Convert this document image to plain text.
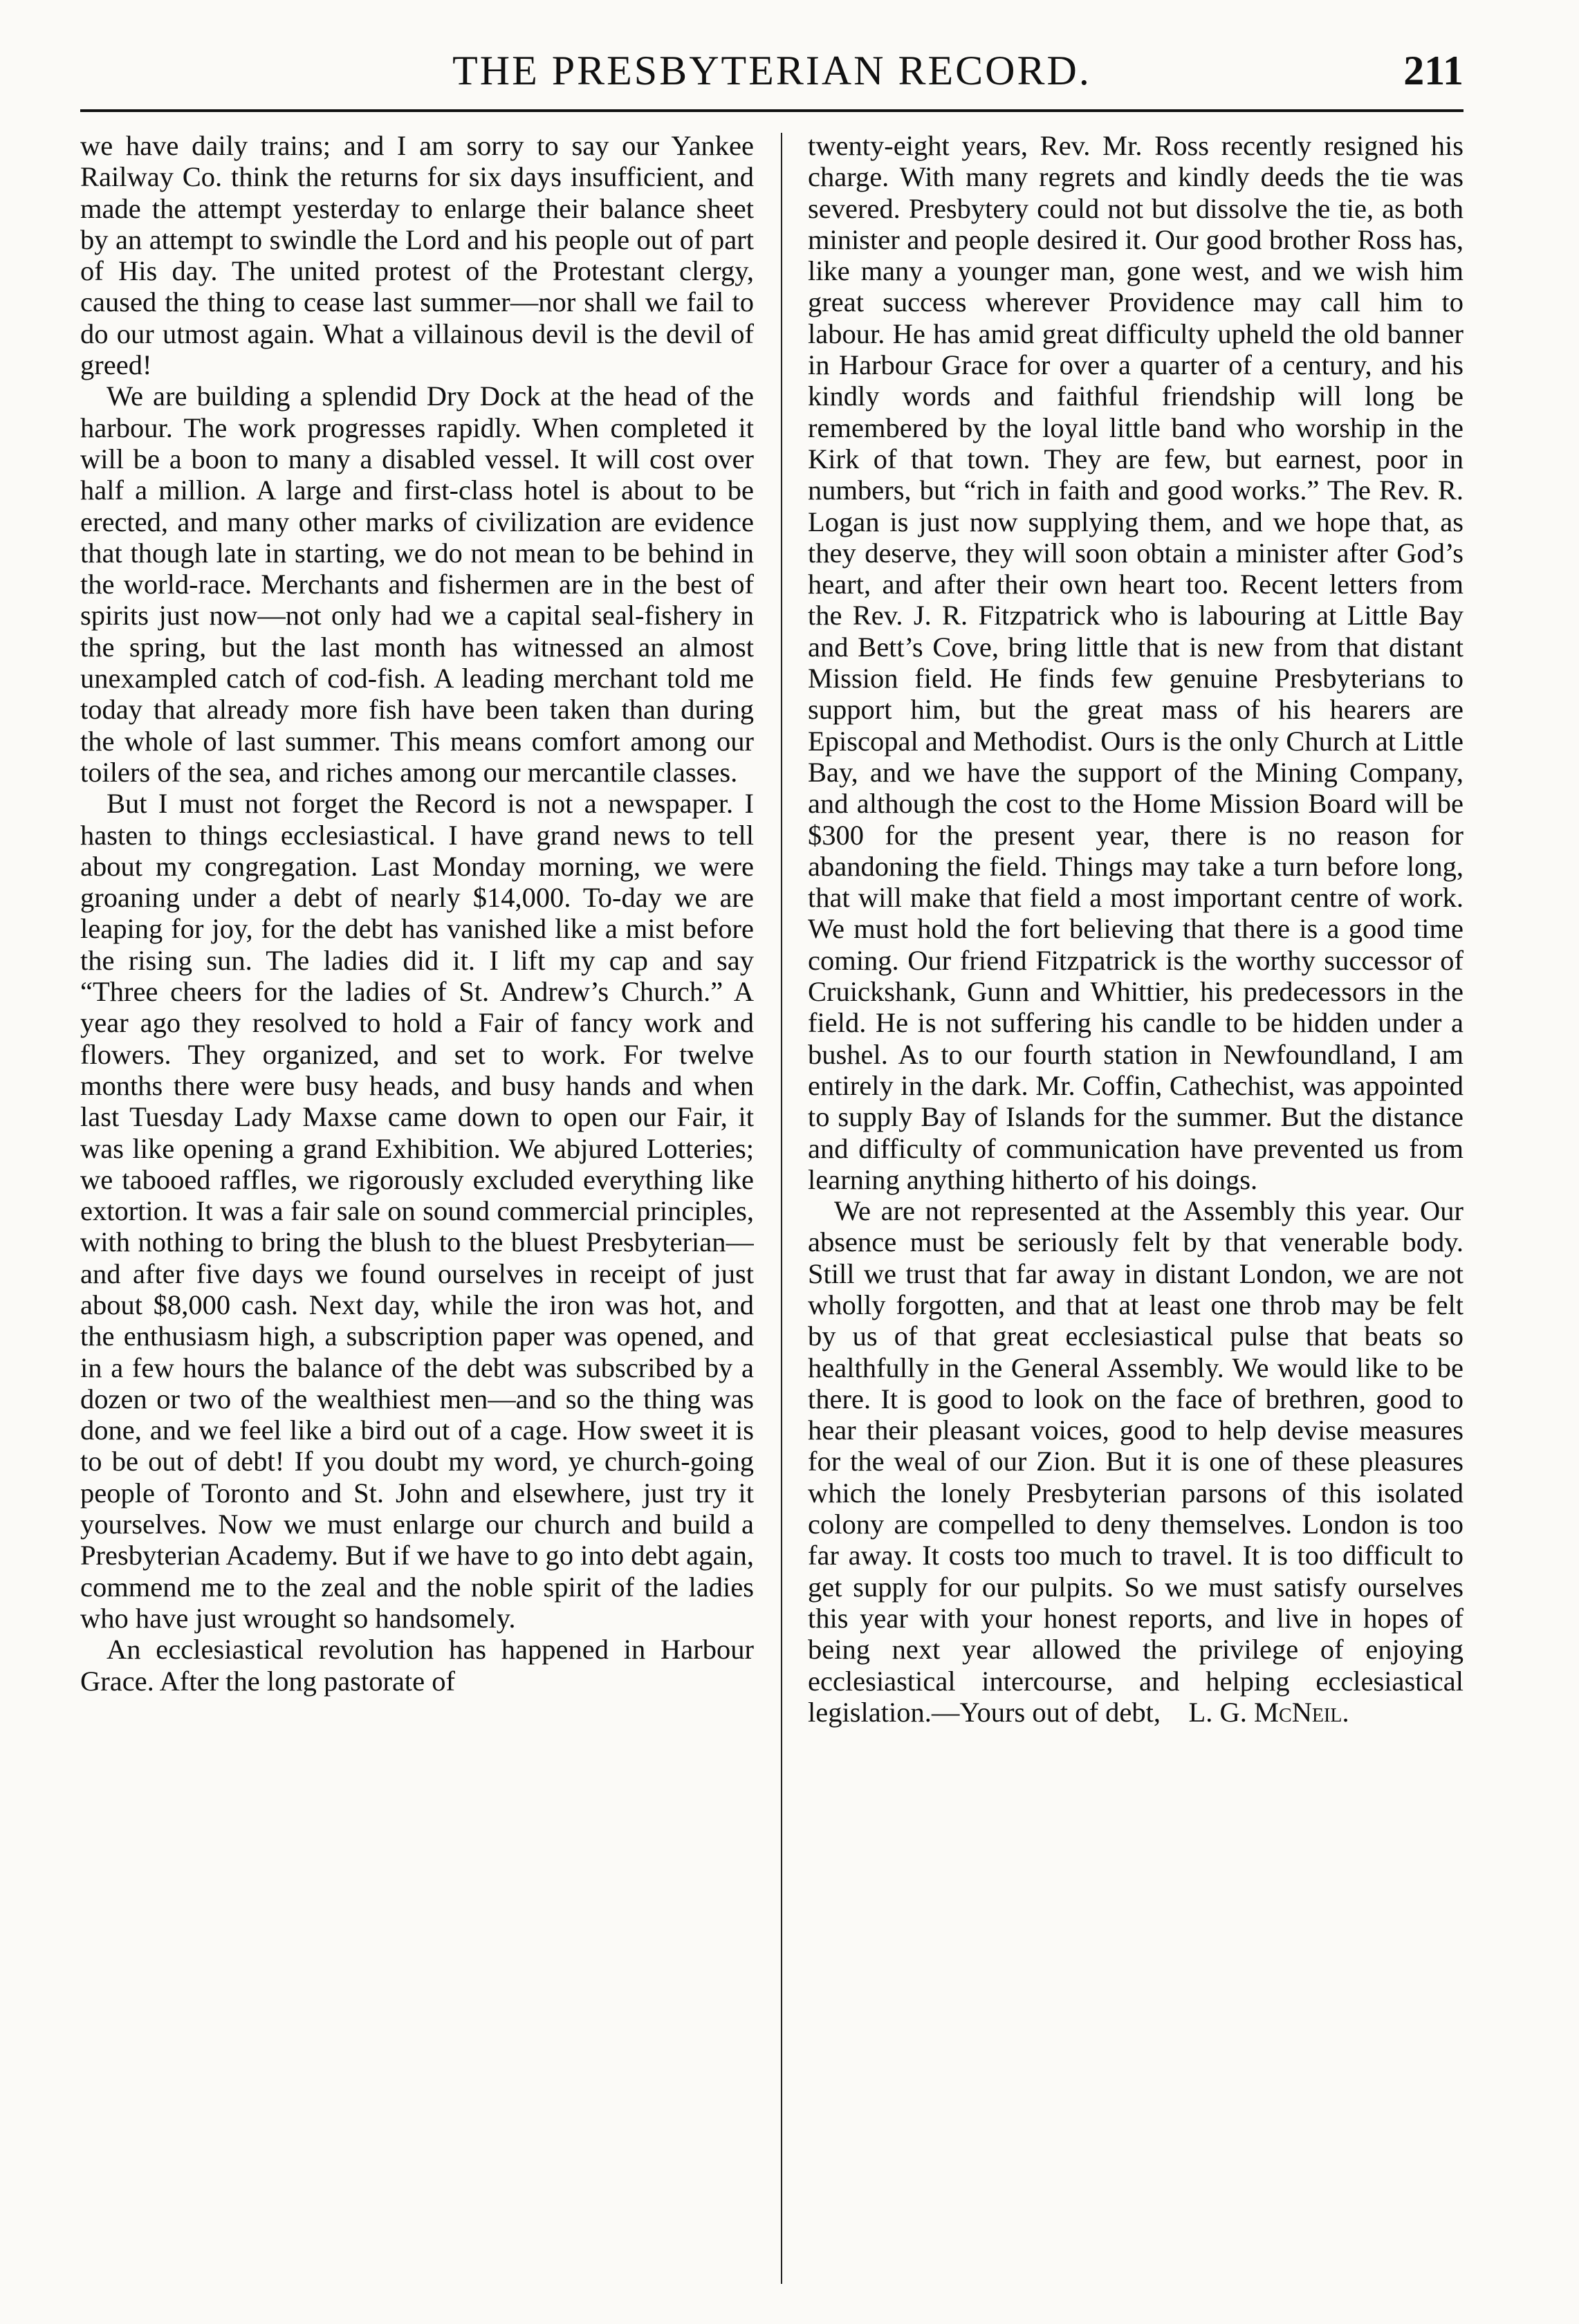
THE PRESBYTERIAN RECORD.	211

we have daily trains; and I am sorry to say our Yankee Railway Co. think the returns for six days insufficient, and made the attempt yesterday to enlarge their balance sheet by an attempt to swindle the Lord and his people out of part of His day. The united protest of the Protestant clergy, caused the thing to cease last summer—nor shall we fail to do our utmost again. What a villainous devil is the devil of greed!

We are building a splendid Dry Dock at the head of the harbour. The work progresses rapidly. When completed it will be a boon to many a disabled vessel. It will cost over half a million. A large and first-class hotel is about to be erected, and many other marks of civilization are evidence that though late in starting, we do not mean to be behind in the world-race. Merchants and fishermen are in the best of spirits just now—not only had we a capital seal-fishery in the spring, but the last month has witnessed an almost unexampled catch of cod-fish. A leading merchant told me today that already more fish have been taken than during the whole of last summer. This means comfort among our toilers of the sea, and riches among our mercantile classes.

But I must not forget the Record is not a newspaper. I hasten to things ecclesiastical. I have grand news to tell about my congregation. Last Monday morning, we were groaning under a debt of nearly $14,000. To-day we are leaping for joy, for the debt has vanished like a mist before the rising sun. The ladies did it. I lift my cap and say “Three cheers for the ladies of St. Andrew’s Church.” A year ago they resolved to hold a Fair of fancy work and flowers. They organized, and set to work. For twelve months there were busy heads, and busy hands and when last Tuesday Lady Maxse came down to open our Fair, it was like opening a grand Exhibition. We abjured Lotteries; we tabooed raffles, we rigorously excluded everything like extortion. It was a fair sale on sound commercial principles, with nothing to bring the blush to the bluest Presbyterian—and after five days we found ourselves in receipt of just about $8,000 cash. Next day, while the iron was hot, and the enthusiasm high, a subscription paper was opened, and in a few hours the balance of the debt was subscribed by a dozen or two of the wealthiest men—and so the thing was done, and we feel like a bird out of a cage. How sweet it is to be out of debt! If you doubt my word, ye church-going people of Toronto and St. John and elsewhere, just try it yourselves. Now we must enlarge our church and build a Presbyterian Academy. But if we have to go into debt again, commend me to the zeal and the noble spirit of the ladies who have just wrought so handsomely.

An ecclesiastical revolution has happened in Harbour Grace. After the long pastorate of

twenty-eight years, Rev. Mr. Ross recently resigned his charge. With many regrets and kindly deeds the tie was severed. Presbytery could not but dissolve the tie, as both minister and people desired it. Our good brother Ross has, like many a younger man, gone west, and we wish him great success wherever Providence may call him to labour. He has amid great difficulty upheld the old banner in Harbour Grace for over a quarter of a century, and his kindly words and faithful friendship will long be remembered by the loyal little band who worship in the Kirk of that town. They are few, but earnest, poor in numbers, but “rich in faith and good works.” The Rev. R. Logan is just now supplying them, and we hope that, as they deserve, they will soon obtain a minister after God’s heart, and after their own heart too. Recent letters from the Rev. J. R. Fitzpatrick who is labouring at Little Bay and Bett’s Cove, bring little that is new from that distant Mission field. He finds few genuine Presbyterians to support him, but the great mass of his hearers are Episcopal and Methodist. Ours is the only Church at Little Bay, and we have the support of the Mining Company, and although the cost to the Home Mission Board will be $300 for the present year, there is no reason for abandoning the field. Things may take a turn before long, that will make that field a most important centre of work. We must hold the fort believing that there is a good time coming. Our friend Fitzpatrick is the worthy successor of Cruickshank, Gunn and Whittier, his predecessors in the field. He is not suffering his candle to be hidden under a bushel. As to our fourth station in Newfoundland, I am entirely in the dark. Mr. Coffin, Cathechist, was appointed to supply Bay of Islands for the summer. But the distance and difficulty of communication have prevented us from learning anything hitherto of his doings.

We are not represented at the Assembly this year. Our absence must be seriously felt by that venerable body. Still we trust that far away in distant London, we are not wholly forgotten, and that at least one throb may be felt by us of that great ecclesiastical pulse that beats so healthfully in the General Assembly. We would like to be there. It is good to look on the face of brethren, good to hear their pleasant voices, good to help devise measures for the weal of our Zion. But it is one of these pleasures which the lonely Presbyterian parsons of this isolated colony are compelled to deny themselves. London is too far away. It costs too much to travel. It is too difficult to get supply for our pulpits. So we must satisfy ourselves this year with your honest reports, and live in hopes of being next year allowed the privilege of enjoying ecclesiastical intercourse, and helping ecclesiastical legislation.—Yours out of debt, L. G. McNeil.
